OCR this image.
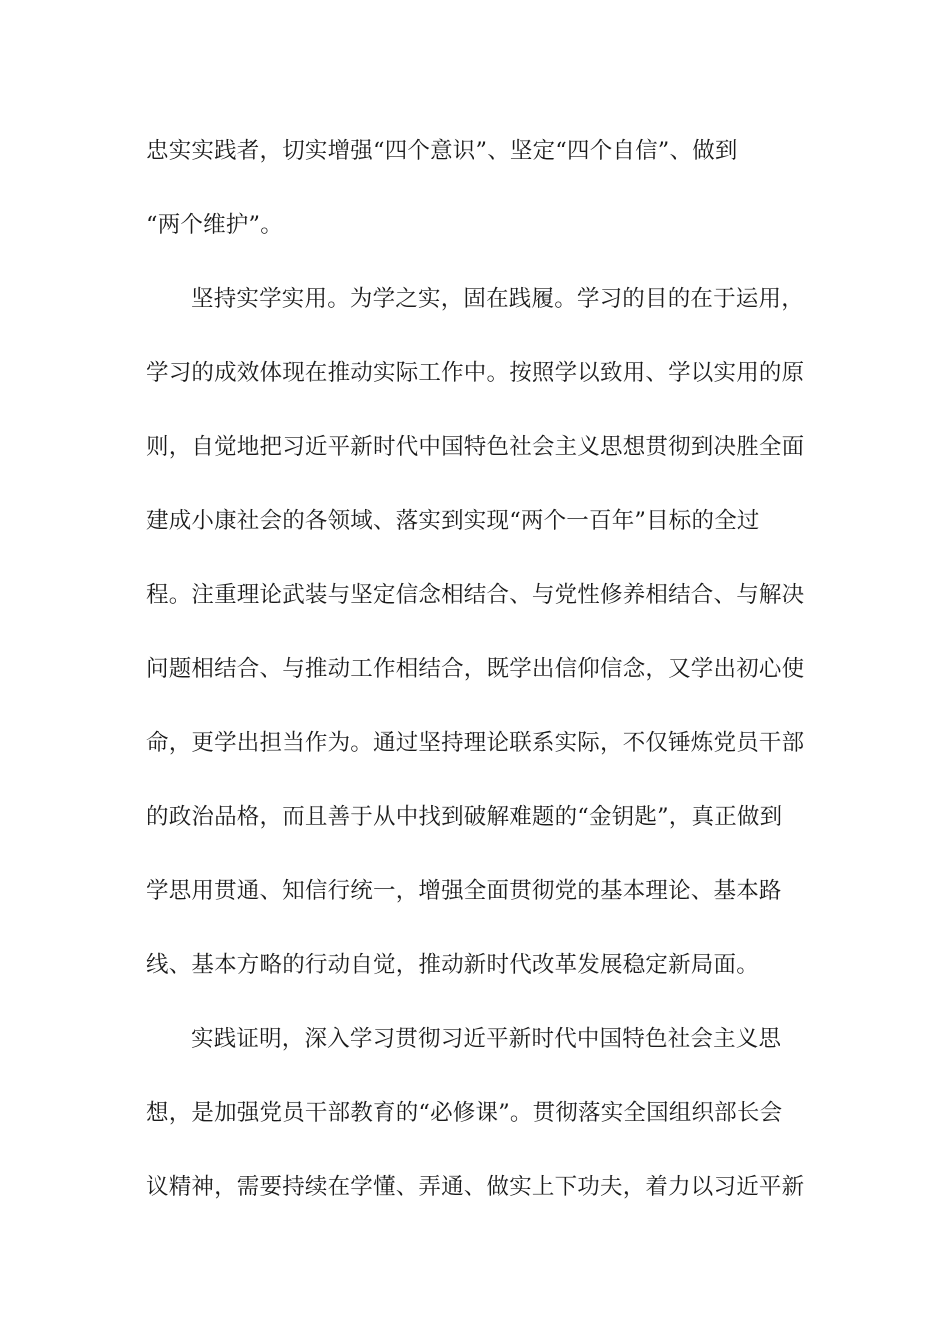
忠实实践者，切实增强“四个意识”、坚定“四个自信”、做到
“两个维护”。
坚持实学实用。为学之实，固在践履。学习的目的在于运用，
学习的成效体现在推动实际工作中。按照学以致用、学以实用的原
则，自觉地把习近平新时代中国特色社会主义思想贯彻到决胜全面
建成小康社会的各领域、落实到实现“两个一百年”目标的全过
程。注重理论武装与坚定信念相结合、与党性修养相结合、与解决
问题相结合、与推动工作相结合，既学出信仰信念，又学出初心使
命，更学出担当作为。通过坚持理论联系实际，不仅锤炼党员干部
的政治品格，而且善于从中找到破解难题的“金钥匙”，真正做到
学思用贯通、知信行统一，增强全面贯彻党的基本理论、基本路
线、基本方略的行动自觉，推动新时代改革发展稳定新局面。
实践证明，深入学习贯彻习近平新时代中国特色社会主义思
想，是加强党员干部教育的“必修课”。贯彻落实全国组织部长会
议精神，需要持续在学懂、弄通、做实上下功夫，着力以习近平新
